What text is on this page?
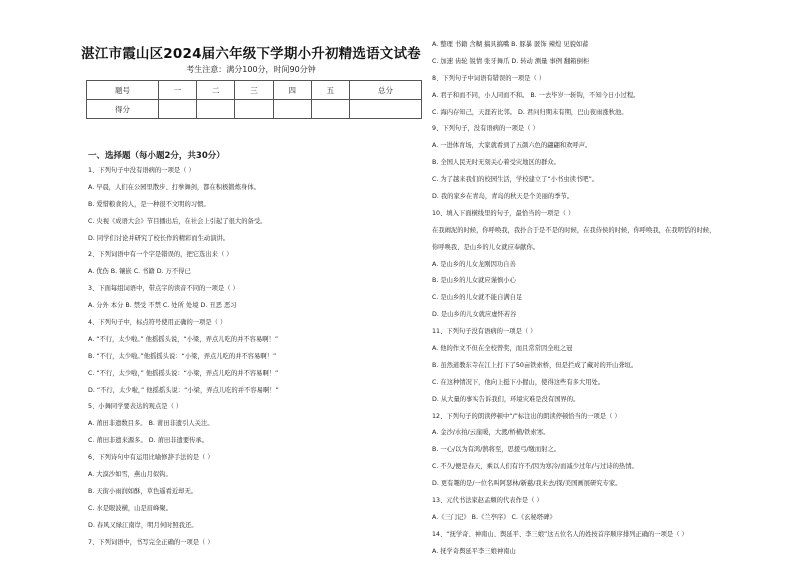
湛江市霞山区2024届六年级下学期小升初精选语文试卷
考生注意：满分100分，时间90分钟
题号	一	二	三	四	五	总分
得分						
一、选择题（每小题2分，共30分）
1、下列句子中没有语病的一项是（ ）
A. 早晨，人们在公园里散步、打拳舞剑，都在积极锻炼身体。
B. 爱惜粮食的人，是一种很不文明的习惯。
C. 央视《成语大会》节目播出后，在社会上引起了很大的备受。
D. 同学们讨论并研究了校长作的精彩而生动演讲。
2、下列词语中有一个字是错误的，把它选出来（ ）
A. 优伤 B. 镶嵌 C. 书籍 D. 万不得已
3、下面每组词语中，带点字的读音不同的一项是（ ）
A. 分外 本分 B. 禁受 不禁 C. 处所 处境 D. 丑恶 恶习
4、下列句子中，标点符号使用正确的一项是（ ）
A. “不行，太少啦。” 他摇摇头说，“小梁，弄点儿吃的并不容易啊！”
B. “不行，太少啦。”他摇摇头说：“小梁，弄点儿吃的并不容易啊！”
C. “不行，太少啦，” 他摇摇头说：“小梁，弄点儿吃的并不容易啊！”
D. “不行，太少啦，” 他摇摇头说：“小梁，弄点儿吃的并不容易啊！”
5、小舞同学要表达的观点是（ ）
A. 莆田非遗数目多。 B. 莆田非遗引人关注。
C. 莆田非遗来源多。 D. 莆田非遗要传承。
6、下列诗句中有运用比喻修辞手法的是（ ）
A. 大漠沙如雪，燕山月似钩。
B. 天街小雨润如酥，草色遥看近却无。
C. 水是眼波横，山是眉峰聚。
D. 春风又绿江南岸，明月何时照我还。
7、下列词语中，书写完全正确的一项是（ ）
A. 整理 书籍 含糊 搞具搞嘴 B. 豚暴 匿饰 辣煌 见貌如蓄
C. 加速 齿轮 锐情 张牙舞爪 D. 转动 测量 事例 翻箱倒柜
8、下列句子中词语有错误的一项是（ ）
A. 君子和而不同，小人同而不和。 B. 一去毕岁一斩钩，不知今日小过程。
C. 海内存知己，天涯若比邻。 D. 君问归期未有期，巴山夜雨涨秋池。
9、下列句子，没有语病的一项是（ ）
A. 一进体育场，大家就看到了五颜六色的翩翩和欢呼声。
B. 全国人民无时无刻关心着受灾地区的群众。
C. 为了越来我们的校园生活，学校建立了“小书虫读书吧”。
D. 我的家乡在青岛，青岛的秋天是个美丽的季节。
10、填入下面横线里的句子，最恰当的一项是（ ）
在我闹泥的时候，你呼唤我，我扑合于是不是的时候，在我侍侯的时候，你呼唤我，在我明恬的时候，
你呼唤我，是山乡的儿女就应奉献你。
A. 是山乡的儿女龙刚因功自善
B. 是山乡的儿女就应谨慎小心
C. 是山乡的儿女就不能自满自足
D. 是山乡的儿女就应虚怀若谷
11、下列句子没有语病的一项是（ ）
A. 他的作文不但在全校曾奖，而且常常因全班之冠
B. 虽然道教东寺在江上打下了50亩铁索桥，但是拦成了藏对的开山聋垣。
C. 在这种情况下，他向上挺下小握山，使得这些有多大用处。
D. 从大量的事实告诉我们，环境灾难是没有国界的。
12、下列句子的朗读停顿中“/”标注出的朗读停顿恰当的一项是（ ）
A. 金沙/水拍/云崖暖，大渡/桥横/铁索寒。
B. 一心/以为有鸿/鹄将至，思援弓/缴而射之。
C. 不久/便是春天，乘以人们有许不/因为寒冷/而减少过年/与过诗的热情。
D. 更有趣的是/一位名叫阿瑟林/新慈/我来去/探/美国画展研究专家。
13、元代书法家赵孟頫的代表作是（ ）
A.《三门记》 B.《兰亭序》 C.《玄秘塔碑》
14、“抚学奇、神南山、舆延平、李三娘”这五位名人的姓按首序顺序排列正确的一项是（ ）
A. 抚学奇舆延平李三娘神南山
